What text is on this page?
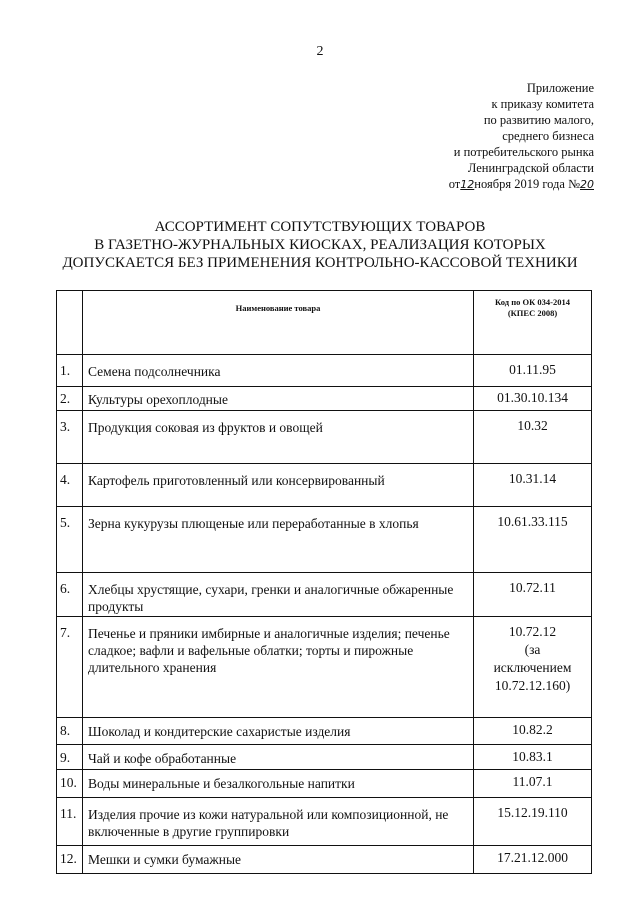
2
Приложение
к приказу комитета
по развитию малого,
среднего бизнеса
и потребительского рынка
Ленинградской области
от12ноября 2019 года №20
АССОРТИМЕНТ СОПУТСТВУЮЩИХ ТОВАРОВ
В ГАЗЕТНО-ЖУРНАЛЬНЫХ КИОСКАХ, РЕАЛИЗАЦИЯ КОТОРЫХ
ДОПУСКАЕТСЯ БЕЗ ПРИМЕНЕНИЯ КОНТРОЛЬНО-КАССОВОЙ ТЕХНИКИ
	Наименование товара	Код по ОК 034-2014
(КПЕС 2008)

1.	Семена подсолнечника	01.11.95
2.	Культуры орехоплодные	01.30.10.134
3.	Продукция соковая из фруктов и овощей	10.32
4.	Картофель приготовленный или консервированный	10.31.14
5.	Зерна кукурузы плющеные или переработанные в хлопья	10.61.33.115
6.	Хлебцы хрустящие, сухари, гренки и аналогичные обжаренные продукты	10.72.11
7.	Печенье и пряники имбирные и аналогичные изделия; печенье сладкое; вафли и вафельные облатки; торты и пирожные длительного хранения	10.72.12
(за
исключением
10.72.12.160)

8.	Шоколад и кондитерские сахаристые изделия	10.82.2
9.	Чай и кофе обработанные	10.83.1
10.	Воды минеральные и безалкогольные напитки	11.07.1
11.	Изделия прочие из кожи натуральной или композиционной, не включенные в другие группировки	15.12.19.110
12.	Мешки и сумки бумажные	17.21.12.000
